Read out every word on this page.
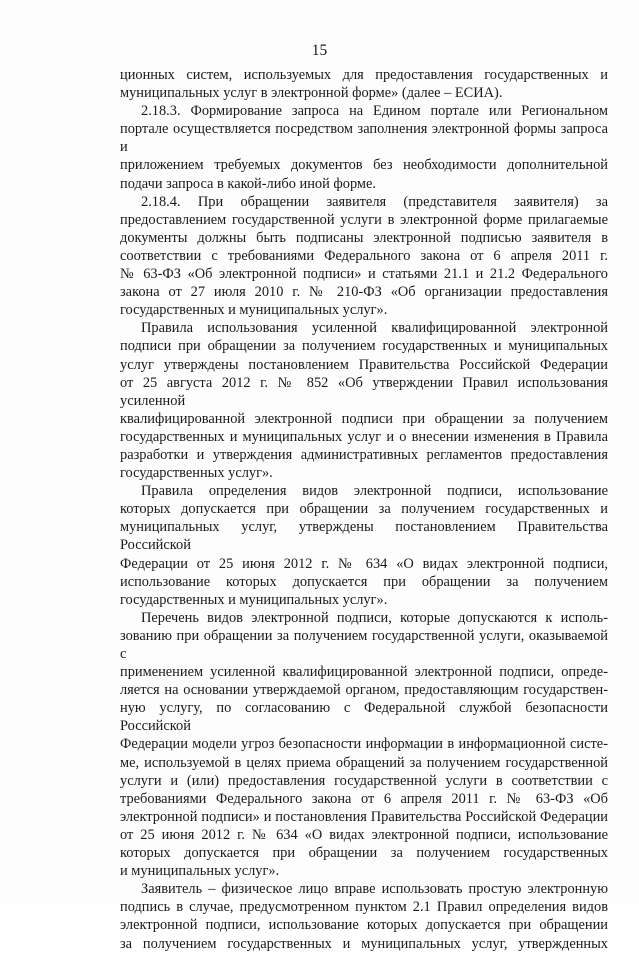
15

ционных систем, используемых для предоставления государственных и

муниципальных услуг в электронной форме» (далее – ЕСИА).

2.18.3. Формирование запроса на Едином портале или Региональном

портале осуществляется посредством заполнения электронной формы запроса и

приложением требуемых документов без необходимости дополнительной

подачи запроса в какой-либо иной форме.

2.18.4. При обращении заявителя (представителя заявителя) за

предоставлением государственной услуги в электронной форме прилагаемые

документы должны быть подписаны электронной подписью заявителя в

соответствии с требованиями Федерального закона от 6 апреля 2011 г.

№ 63-ФЗ «Об электронной подписи» и статьями 21.1 и 21.2 Федерального

закона от 27 июля 2010 г. № 210-ФЗ «Об организации предоставления

государственных и муниципальных услуг».

Правила использования усиленной квалифицированной электронной

подписи при обращении за получением государственных и муниципальных

услуг утверждены постановлением Правительства Российской Федерации

от 25 августа 2012 г. № 852 «Об утверждении Правил использования усиленной

квалифицированной электронной подписи при обращении за получением

государственных и муниципальных услуг и о внесении изменения в Правила

разработки и утверждения административных регламентов предоставления

государственных услуг».

Правила определения видов электронной подписи, использование

которых допускается при обращении за получением государственных и

муниципальных услуг, утверждены постановлением Правительства Российской

Федерации от 25 июня 2012 г. № 634 «О видах электронной подписи,

использование которых допускается при обращении за получением

государственных и муниципальных услуг».

Перечень видов электронной подписи, которые допускаются к исполь-

зованию при обращении за получением государственной услуги, оказываемой с

применением усиленной квалифицированной электронной подписи, опреде-

ляется на основании утверждаемой органом, предоставляющим государствен-

ную услугу, по согласованию с Федеральной службой безопасности Российской

Федерации модели угроз безопасности информации в информационной систе-

ме, используемой в целях приема обращений за получением государственной

услуги и (или) предоставления государственной услуги в соответствии с

требованиями Федерального закона от 6 апреля 2011 г. № 63-ФЗ «Об

электронной подписи» и постановления Правительства Российской Федерации

от 25 июня 2012 г. № 634 «О видах электронной подписи, использование

которых допускается при обращении за получением государственных

и муниципальных услуг».

Заявитель – физическое лицо вправе использовать простую электронную

подпись в случае, предусмотренном пунктом 2.1 Правил определения видов

электронной подписи, использование которых допускается при обращении

за получением государственных и муниципальных услуг, утвержденных
